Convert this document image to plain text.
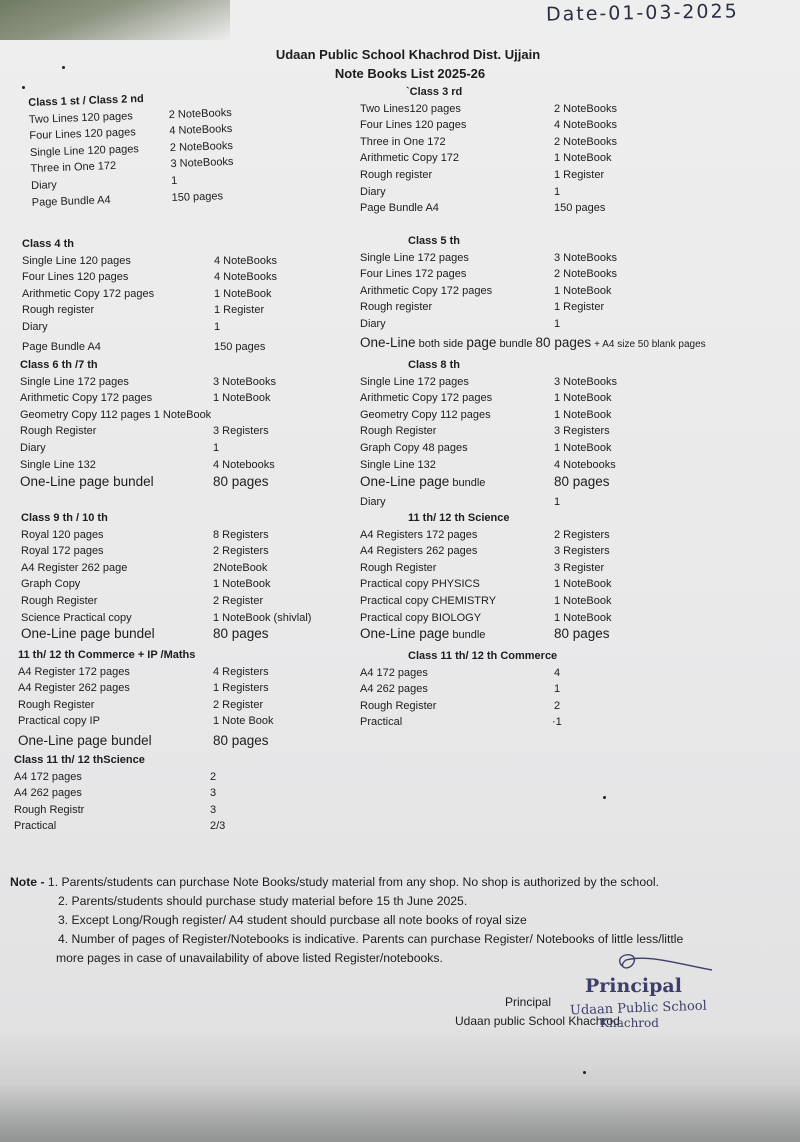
Date-01-03-2025
Udaan Public School Khachrod Dist. Ujjain
Note Books List 2025-26
Class 1 st / Class 2 nd
Two Lines 120 pages	2 NoteBooks
Four Lines 120 pages	4 NoteBooks
Single Line 120 pages	2 NoteBooks
Three in One 172	3 NoteBooks
Diary	1
Page Bundle A4	150 pages
`Class 3 rd
Two Lines120 pages	2 NoteBooks
Four Lines 120 pages	4 NoteBooks
Three in One 172	2 NoteBooks
Arithmetic Copy 172	1 NoteBook
Rough register	1 Register
Diary	1
Page Bundle A4	150 pages
Class 4 th
Single Line 120 pages	4 NoteBooks
Four Lines 120 pages	4 NoteBooks
Arithmetic Copy 172 pages	1 NoteBook
Rough register	1 Register
Diary	1
Page Bundle A4	150 pages
Class 5 th
Single Line 172 pages	3 NoteBooks
Four Lines 172 pages	2 NoteBooks
Arithmetic Copy 172 pages	1 NoteBook
Rough register	1 Register
Diary	1
One-Line both side page bundle 80 pages + A4 size 50 blank pages
Class 6 th /7 th
Single Line 172 pages	3 NoteBooks
Arithmetic Copy 172 pages	1 NoteBook
Geometry Copy 112 pages 1 NoteBook
Rough Register	3 Registers
Diary	1
Single Line 132	4 Notebooks
One-Line page bundel	80 pages
Class 8 th
Single Line 172 pages	3 NoteBooks
Arithmetic Copy 172 pages	1 NoteBook
Geometry Copy 112 pages	1 NoteBook
Rough Register	3 Registers
Graph Copy 48 pages	1 NoteBook
Single Line 132	4 Notebooks
One-Line page bundle	80 pages
Diary	1
Class 9 th / 10 th
Royal 120 pages	8 Registers
Royal 172 pages	2 Registers
A4 Register 262 page	2NoteBook
Graph Copy	1 NoteBook
Rough Register	2 Register
Science Practical copy	1 NoteBook (shivlal)
One-Line page bundel	80 pages
11 th/ 12 th Science
A4 Registers 172 pages	2 Registers
A4 Registers 262 pages	3 Registers
Rough Register	3 Register
Practical copy PHYSICS	1 NoteBook
Practical copy CHEMISTRY	1 NoteBook
Practical copy BIOLOGY	1 NoteBook
One-Line page bundle	80 pages
11 th/ 12 th Commerce + IP /Maths
A4 Register 172 pages	4 Registers
A4 Register 262 pages	1 Registers
Rough Register	2 Register
Practical copy IP	1 Note Book
One-Line page bundel	80 pages
Class 11 th/ 12 th Commerce
A4 172 pages	4
A4 262 pages	1
Rough Register	2
Practical	·1
Class 11 th/ 12 thScience
A4 172 pages	2
A4 262 pages	3
Rough Registr	3
Practical	2/3
Note - 1. Parents/students can purchase Note Books/study material from any shop. No shop is authorized by the school.
2. Parents/students should purchase study material before 15 th June 2025.
3. Except Long/Rough register/ A4 student should purcbase all note books of royal size
4. Number of pages of Register/Notebooks is indicative. Parents can purchase Register/ Notebooks of little less/little
more pages in case of unavailability of above listed Register/notebooks.
Principal
Principal Udaan Public School
Udaan public School Khachrod
Khachrod
